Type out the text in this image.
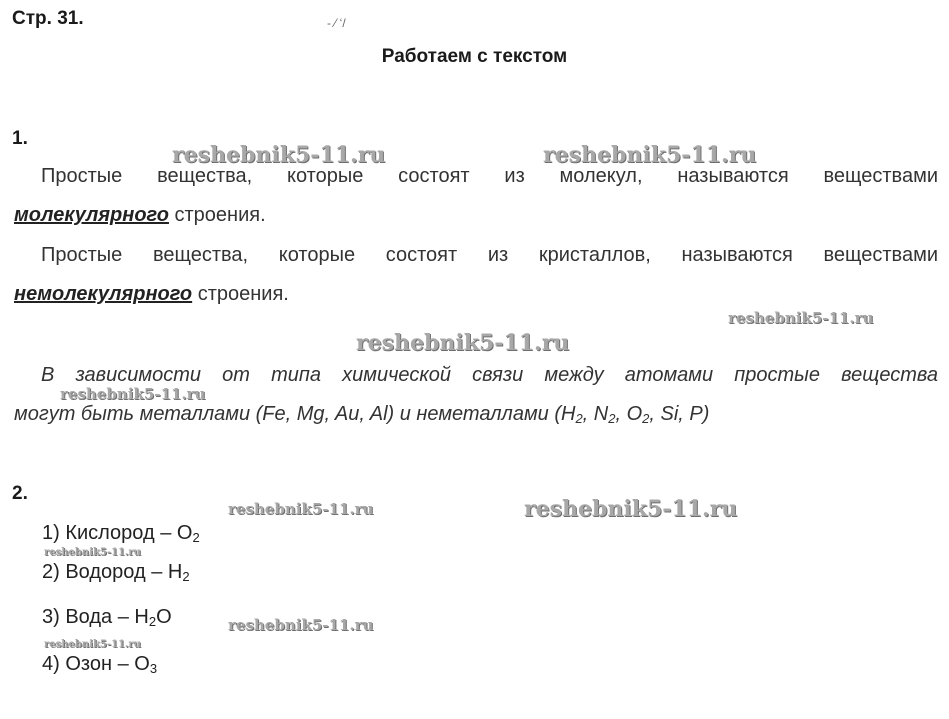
Стр. 31.	- ⁄ ‘/
Работаем с текстом
1.
reshebnik5-11.ru	reshebnik5-11.ru
Простые вещества, которые состоят из молекул, называются веществами
молекулярного строения.
Простые вещества, которые состоят из кристаллов, называются веществами
немолекулярного строения.
reshebnik5-11.ru
reshebnik5-11.ru
В зависимости от типа химической связи между атомами простые вещества
могут быть металлами (Fe, Mg, Au, Al) и неметаллами ($H_2$, $N_2$, $O_2$, Si, P)
reshebnik5-11.ru
2.
reshebnik5-11.ru	reshebnik5-11.ru
1) Кислород – $O_2$
reshebnik5-11.ru
2) Водород – $H_2$
3) Вода – $H_2O$	reshebnik5-11.ru
reshebnik5-11.ru
4) Озон – $O_3$
